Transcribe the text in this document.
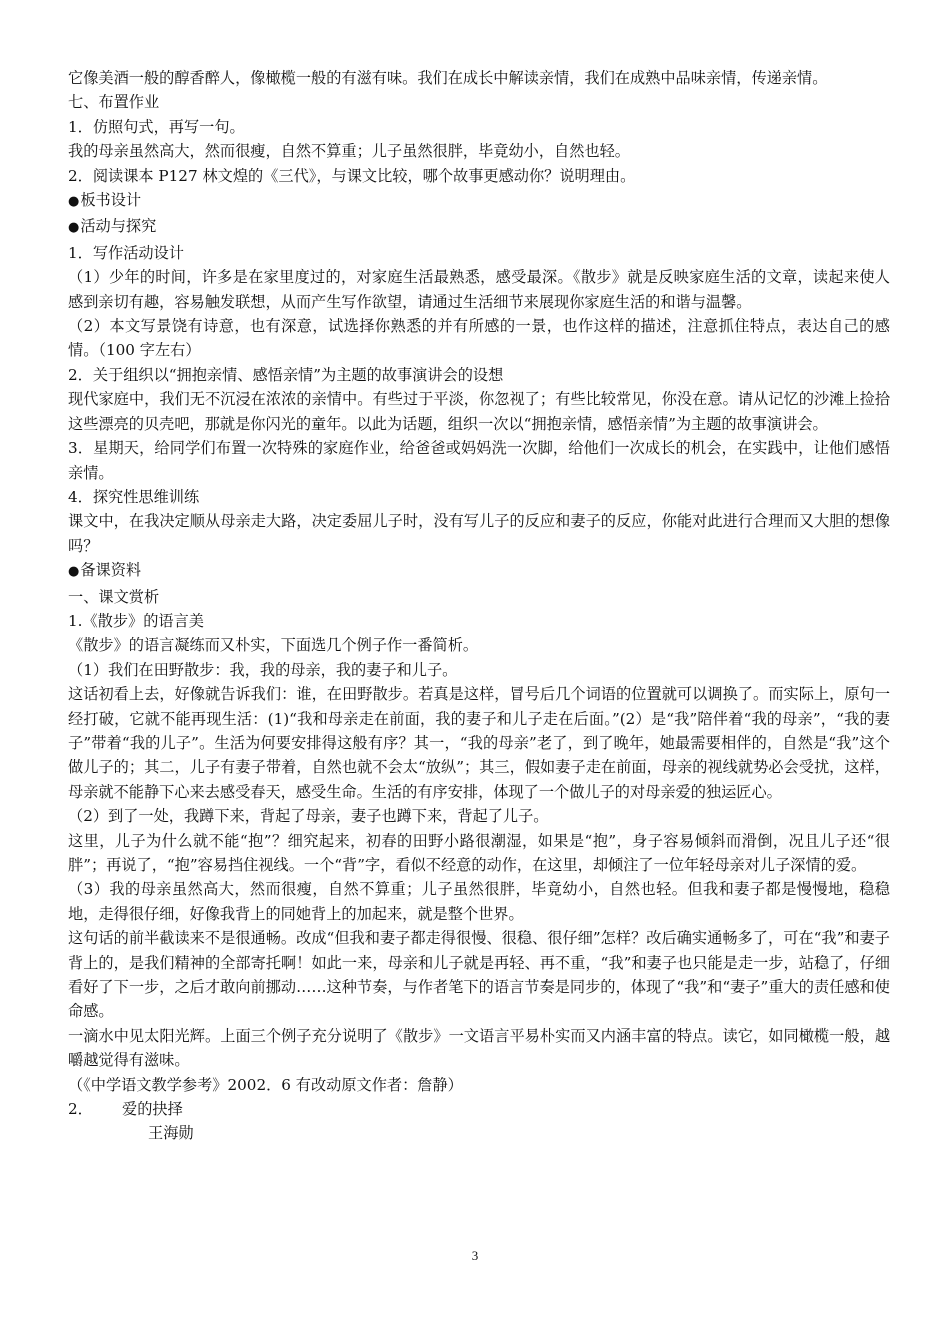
它像美酒一般的醇香醉人，像橄榄一般的有滋有味。我们在成长中解读亲情，我们在成熟中品味亲情，传递亲情。
七、布置作业
1．仿照句式，再写一句。
我的母亲虽然高大，然而很瘦，自然不算重；儿子虽然很胖，毕竟幼小，自然也轻。
2．阅读课本 P127 林文煌的《三代》，与课文比较，哪个故事更感动你？说明理由。
●板书设计
●活动与探究
1．写作活动设计
（1）少年的时间，许多是在家里度过的，对家庭生活最熟悉，感受最深。《散步》就是反映家庭生活的文章，读起来使人感到亲切有趣，容易触发联想，从而产生写作欲望，请通过生活细节来展现你家庭生活的和谐与温馨。
（2）本文写景饶有诗意，也有深意，试选择你熟悉的并有所感的一景，也作这样的描述，注意抓住特点，表达自己的感情。（100 字左右）
2．关于组织以“拥抱亲情、感悟亲情”为主题的故事演讲会的设想
现代家庭中，我们无不沉浸在浓浓的亲情中。有些过于平淡，你忽视了；有些比较常见，你没在意。请从记忆的沙滩上捡拾这些漂亮的贝壳吧，那就是你闪光的童年。以此为话题，组织一次以“拥抱亲情，感悟亲情”为主题的故事演讲会。
3．星期天，给同学们布置一次特殊的家庭作业，给爸爸或妈妈洗一次脚，给他们一次成长的机会，在实践中，让他们感悟亲情。
4．探究性思维训练
课文中，在我决定顺从母亲走大路，决定委屈儿子时，没有写儿子的反应和妻子的反应，你能对此进行合理而又大胆的想像吗？
●备课资料
一、课文赏析
1.《散步》的语言美
《散步》的语言凝练而又朴实，下面选几个例子作一番简析。
（1）我们在田野散步：我，我的母亲，我的妻子和儿子。
这话初看上去，好像就告诉我们：谁，在田野散步。若真是这样，冒号后几个词语的位置就可以调换了。而实际上，原句一经打破，它就不能再现生活：(1)“我和母亲走在前面，我的妻子和儿子走在后面。”(2）是“我”陪伴着“我的母亲”，“我的妻子”带着“我的儿子”。生活为何要安排得这般有序？其一，“我的母亲”老了，到了晚年，她最需要相伴的，自然是“我”这个做儿子的；其二，儿子有妻子带着，自然也就不会太“放纵”；其三，假如妻子走在前面，母亲的视线就势必会受扰，这样，母亲就不能静下心来去感受春天，感受生命。生活的有序安排，体现了一个做儿子的对母亲爱的独运匠心。
（2）到了一处，我蹲下来，背起了母亲，妻子也蹲下来，背起了儿子。
这里，儿子为什么就不能“抱”？细究起来，初春的田野小路很潮湿，如果是“抱”，身子容易倾斜而滑倒，况且儿子还“很胖”；再说了，“抱”容易挡住视线。一个“背”字，看似不经意的动作，在这里，却倾注了一位年轻母亲对儿子深情的爱。
（3）我的母亲虽然高大，然而很瘦，自然不算重；儿子虽然很胖，毕竟幼小，自然也轻。但我和妻子都是慢慢地，稳稳地，走得很仔细，好像我背上的同她背上的加起来，就是整个世界。
这句话的前半截读来不是很通畅。改成“但我和妻子都走得很慢、很稳、很仔细”怎样？改后确实通畅多了，可在“我”和妻子背上的，是我们精神的全部寄托啊！如此一来，母亲和儿子就是再轻、再不重，“我”和妻子也只能是走一步，站稳了，仔细看好了下一步，之后才敢向前挪动……这种节奏，与作者笔下的语言节奏是同步的，体现了“我”和“妻子”重大的责任感和使命感。
一滴水中见太阳光辉。上面三个例子充分说明了《散步》一文语言平易朴实而又内涵丰富的特点。读它，如同橄榄一般，越嚼越觉得有滋味。
（《中学语文教学参考》2002．6 有改动原文作者：詹静）
2． 爱的抉择
王海勋
3
